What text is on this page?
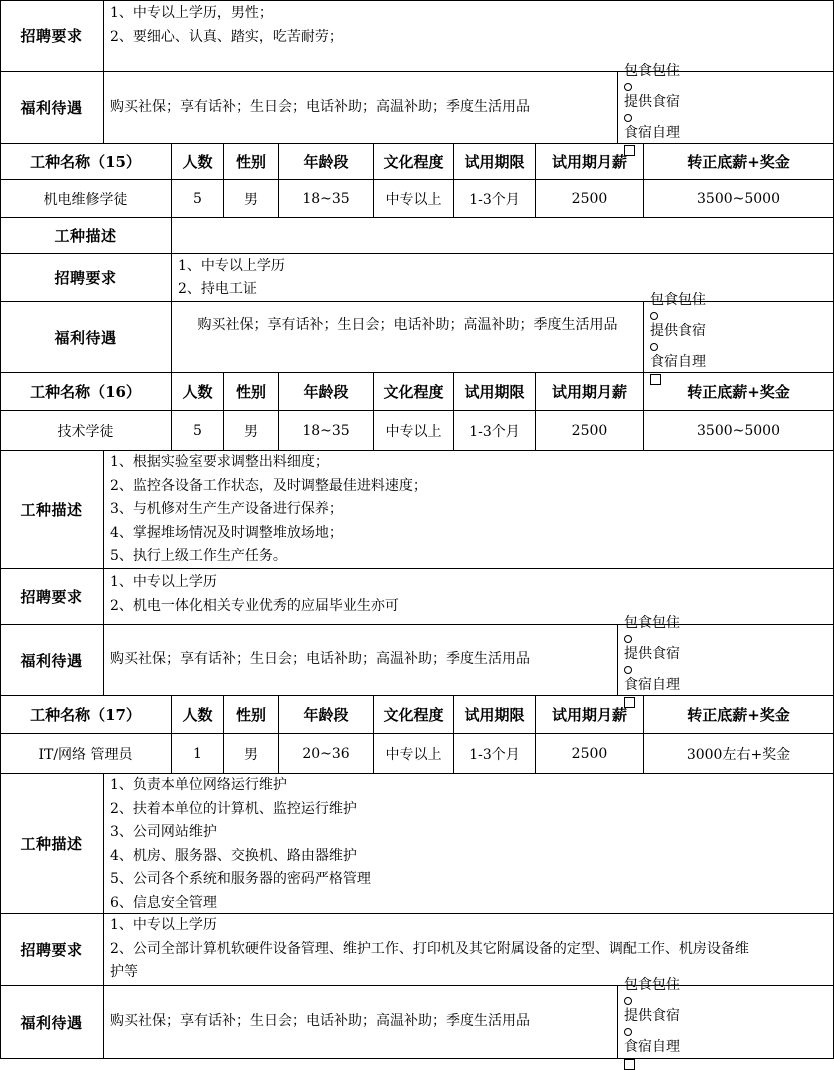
招聘要求
1、中专以上学历，男性；
2、要细心、认真、踏实，吃苦耐劳；
福利待遇 购买社保；享有话补；生日会；电话补助；高温补助；季度生活用品
包食包住
提供食宿
食宿自理
工种名称（15）	人数 性别 年龄段 文化程度 试用期限 试用期月薪	转正底薪+奖金
机电维修学徒	5	男	18~35	中专以上 1-3个月	2500	3500~5000
工种描述
招聘要求
1、中专以上学历
2、持电工证
福利待遇
购买社保；享有话补；生日会；电话补助；高温补助；季度生活用品
包食包住
提供食宿
食宿自理
工种名称（16）	人数 性别 年龄段 文化程度 试用期限 试用期月薪	转正底薪+奖金
技术学徒	5	男	18~35	中专以上 1-3个月	2500	3500~5000
工种描述
1、根据实验室要求调整出料细度；
2、监控各设备工作状态，及时调整最佳进料速度；
3、与机修对生产生产设备进行保养；
4、掌握堆场情况及时调整堆放场地；
5、执行上级工作生产任务。
招聘要求
1、中专以上学历
2、机电一体化相关专业优秀的应届毕业生亦可
福利待遇 购买社保；享有话补；生日会；电话补助；高温补助；季度生活用品
包食包住
提供食宿
食宿自理
工种名称（17）	人数 性别 年龄段 文化程度 试用期限 试用期月薪	转正底薪+奖金
IT/网络 管理员	1	男	20~36	中专以上 1-3个月	2500	3000左右+奖金
工种描述
1、负责本单位网络运行维护
2、扶着本单位的计算机、监控运行维护
3、公司网站维护
4、机房、服务器、交换机、路由器维护
5、公司各个系统和服务器的密码严格管理
6、信息安全管理
招聘要求
1、中专以上学历
2、公司全部计算机软硬件设备管理、维护工作、打印机及其它附属设备的定型、调配工作、机房设备维
护等
福利待遇 购买社保；享有话补；生日会；电话补助；高温补助；季度生活用品
包食包住
提供食宿
食宿自理
